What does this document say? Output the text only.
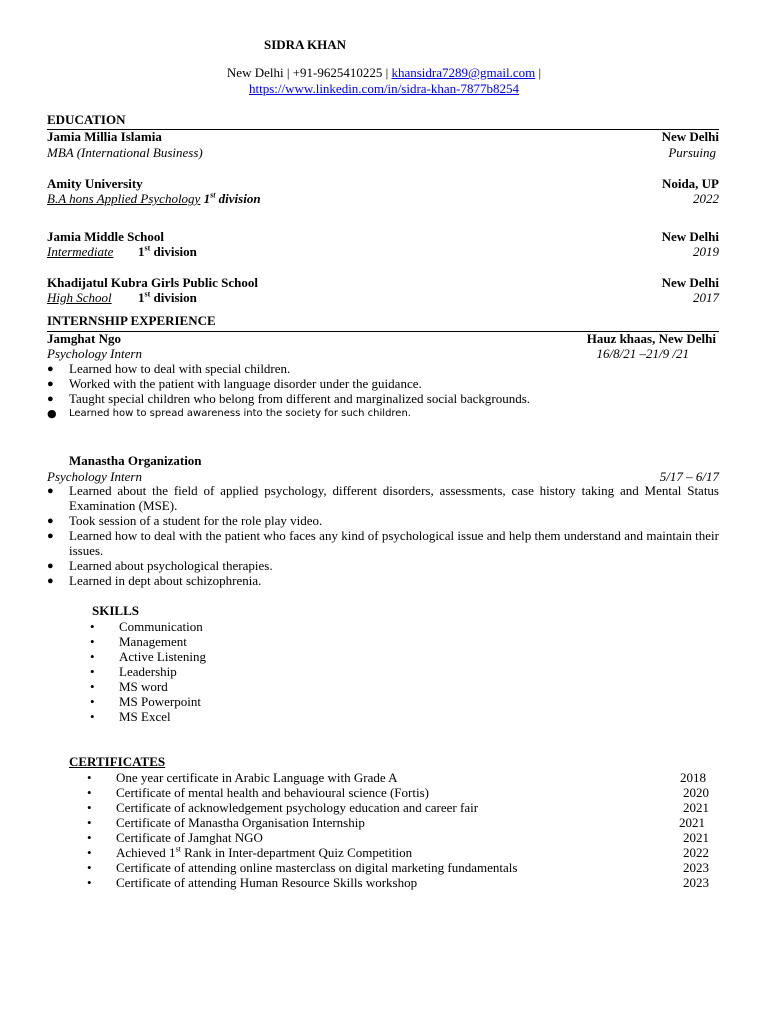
SIDRA KHAN
New Delhi | +91-9625410225 | khansidra7289@gmail.com |
https://www.linkedin.com/in/sidra-khan-7877b8254
EDUCATION
Jamia Millia Islamia	New Delhi
MBA (International Business)	Pursuing
Amity University	Noida, UP
B.A hons Applied Psychology 1st division	2022
Jamia Middle School	New Delhi
Intermediate 1st division	2019
Khadijatul Kubra Girls Public School	New Delhi
High School 1st division	2017
INTERNSHIP EXPERIENCE
Jamghat Ngo	Hauz khaas, New Delhi
Psychology Intern	16/8/21 –21/9 /21
● Learned how to deal with special children.
● Worked with the patient with language disorder under the guidance.
● Taught special children who belong from different and marginalized social backgrounds.
● Learned how to spread awareness into the society for such children.
Manastha Organization
Psychology Intern	5/17 – 6/17
● Learned about the field of applied psychology, different disorders, assessments, case history taking and Mental Status Examination (MSE).
● Took session of a student for the role play video.
● Learned how to deal with the patient who faces any kind of psychological issue and help them understand and maintain their issues.
● Learned about psychological therapies.
● Learned in dept about schizophrenia.
SKILLS
• Communication
• Management
• Active Listening
• Leadership
• MS word
• MS Powerpoint
• MS Excel
CERTIFICATES
• One year certificate in Arabic Language with Grade A	2018
• Certificate of mental health and behavioural science (Fortis)	2020
• Certificate of acknowledgement psychology education and career fair	2021
• Certificate of Manastha Organisation Internship	2021
• Certificate of Jamghat NGO	2021
• Achieved 1st Rank in Inter-department Quiz Competition	2022
• Certificate of attending online masterclass on digital marketing fundamentals	2023
• Certificate of attending Human Resource Skills workshop	2023
